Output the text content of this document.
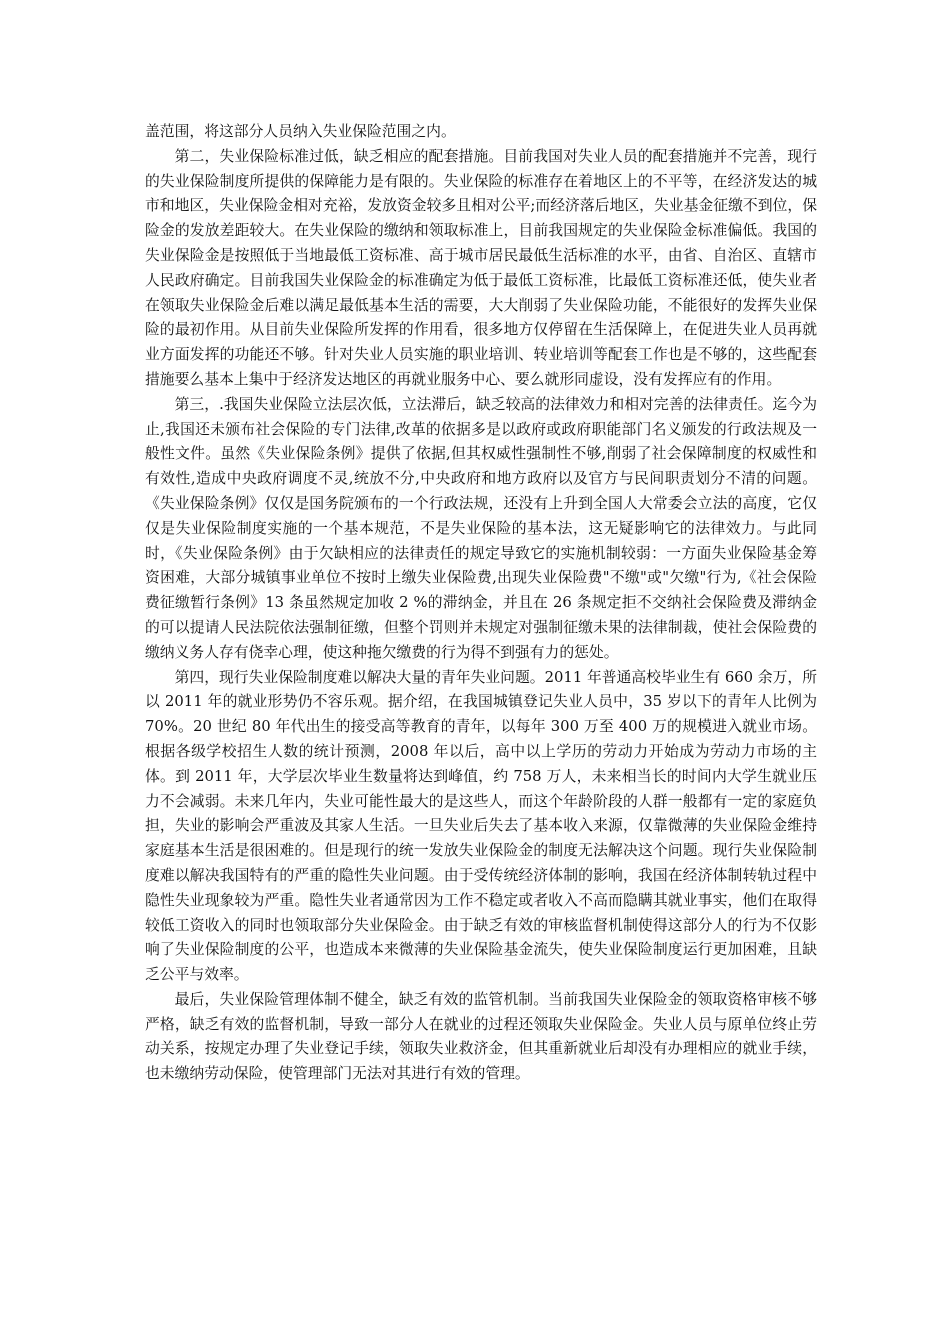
盖范围，将这部分人员纳入失业保险范围之内。

第二，失业保险标准过低，缺乏相应的配套措施。目前我国对失业人员的配套措施并不完善，现行的失业保险制度所提供的保障能力是有限的。失业保险的标准存在着地区上的不平等，在经济发达的城市和地区，失业保险金相对充裕，发放资金较多且相对公平;而经济落后地区，失业基金征缴不到位，保险金的发放差距较大。在失业保险的缴纳和领取标准上，目前我国规定的失业保险金标准偏低。我国的失业保险金是按照低于当地最低工资标准、高于城市居民最低生活标准的水平，由省、自治区、直辖市人民政府确定。目前我国失业保险金的标准确定为低于最低工资标准，比最低工资标准还低，使失业者在领取失业保险金后难以满足最低基本生活的需要，大大削弱了失业保险功能，不能很好的发挥失业保险的最初作用。从目前失业保险所发挥的作用看，很多地方仅停留在生活保障上，在促进失业人员再就业方面发挥的功能还不够。针对失业人员实施的职业培训、转业培训等配套工作也是不够的，这些配套措施要么基本上集中于经济发达地区的再就业服务中心、要么就形同虚设，没有发挥应有的作用。

第三，.我国失业保险立法层次低，立法滞后，缺乏较高的法律效力和相对完善的法律责任。迄今为止,我国还未颁布社会保险的专门法律,改革的依据多是以政府或政府职能部门名义颁发的行政法规及一般性文件。虽然《失业保险条例》提供了依据,但其权威性强制性不够,削弱了社会保障制度的权威性和有效性,造成中央政府调度不灵,统放不分,中央政府和地方政府以及官方与民间职责划分不清的问题。《失业保险条例》仅仅是国务院颁布的一个行政法规，还没有上升到全国人大常委会立法的高度，它仅仅是失业保险制度实施的一个基本规范，不是失业保险的基本法，这无疑影响它的法律效力。与此同时，《失业保险条例》由于欠缺相应的法律责任的规定导致它的实施机制较弱：一方面失业保险基金筹资困难，大部分城镇事业单位不按时上缴失业保险费,出现失业保险费"不缴"或"欠缴"行为,《社会保险费征缴暂行条例》13 条虽然规定加收 2 %的滞纳金，并且在 26 条规定拒不交纳社会保险费及滞纳金的可以提请人民法院依法强制征缴，但整个罚则并未规定对强制征缴未果的法律制裁，使社会保险费的缴纳义务人存有侥幸心理，使这种拖欠缴费的行为得不到强有力的惩处。

第四，现行失业保险制度难以解决大量的青年失业问题。2011 年普通高校毕业生有 660 余万，所以 2011 年的就业形势仍不容乐观。据介绍，在我国城镇登记失业人员中，35 岁以下的青年人比例为 70%。20 世纪 80 年代出生的接受高等教育的青年，以每年 300 万至 400 万的规模进入就业市场。根据各级学校招生人数的统计预测，2008 年以后，高中以上学历的劳动力开始成为劳动力市场的主体。到 2011 年，大学层次毕业生数量将达到峰值，约 758 万人，未来相当长的时间内大学生就业压力不会减弱。未来几年内，失业可能性最大的是这些人，而这个年龄阶段的人群一般都有一定的家庭负担，失业的影响会严重波及其家人生活。一旦失业后失去了基本收入来源，仅靠微薄的失业保险金维持家庭基本生活是很困难的。但是现行的统一发放失业保险金的制度无法解决这个问题。现行失业保险制度难以解决我国特有的严重的隐性失业问题。由于受传统经济体制的影响，我国在经济体制转轨过程中隐性失业现象较为严重。隐性失业者通常因为工作不稳定或者收入不高而隐瞒其就业事实，他们在取得较低工资收入的同时也领取部分失业保险金。由于缺乏有效的审核监督机制使得这部分人的行为不仅影响了失业保险制度的公平，也造成本来微薄的失业保险基金流失，使失业保险制度运行更加困难，且缺乏公平与效率。

最后，失业保险管理体制不健全，缺乏有效的监管机制。当前我国失业保险金的领取资格审核不够严格，缺乏有效的监督机制，导致一部分人在就业的过程还领取失业保险金。失业人员与原单位终止劳动关系，按规定办理了失业登记手续，领取失业救济金，但其重新就业后却没有办理相应的就业手续，也未缴纳劳动保险，使管理部门无法对其进行有效的管理。
